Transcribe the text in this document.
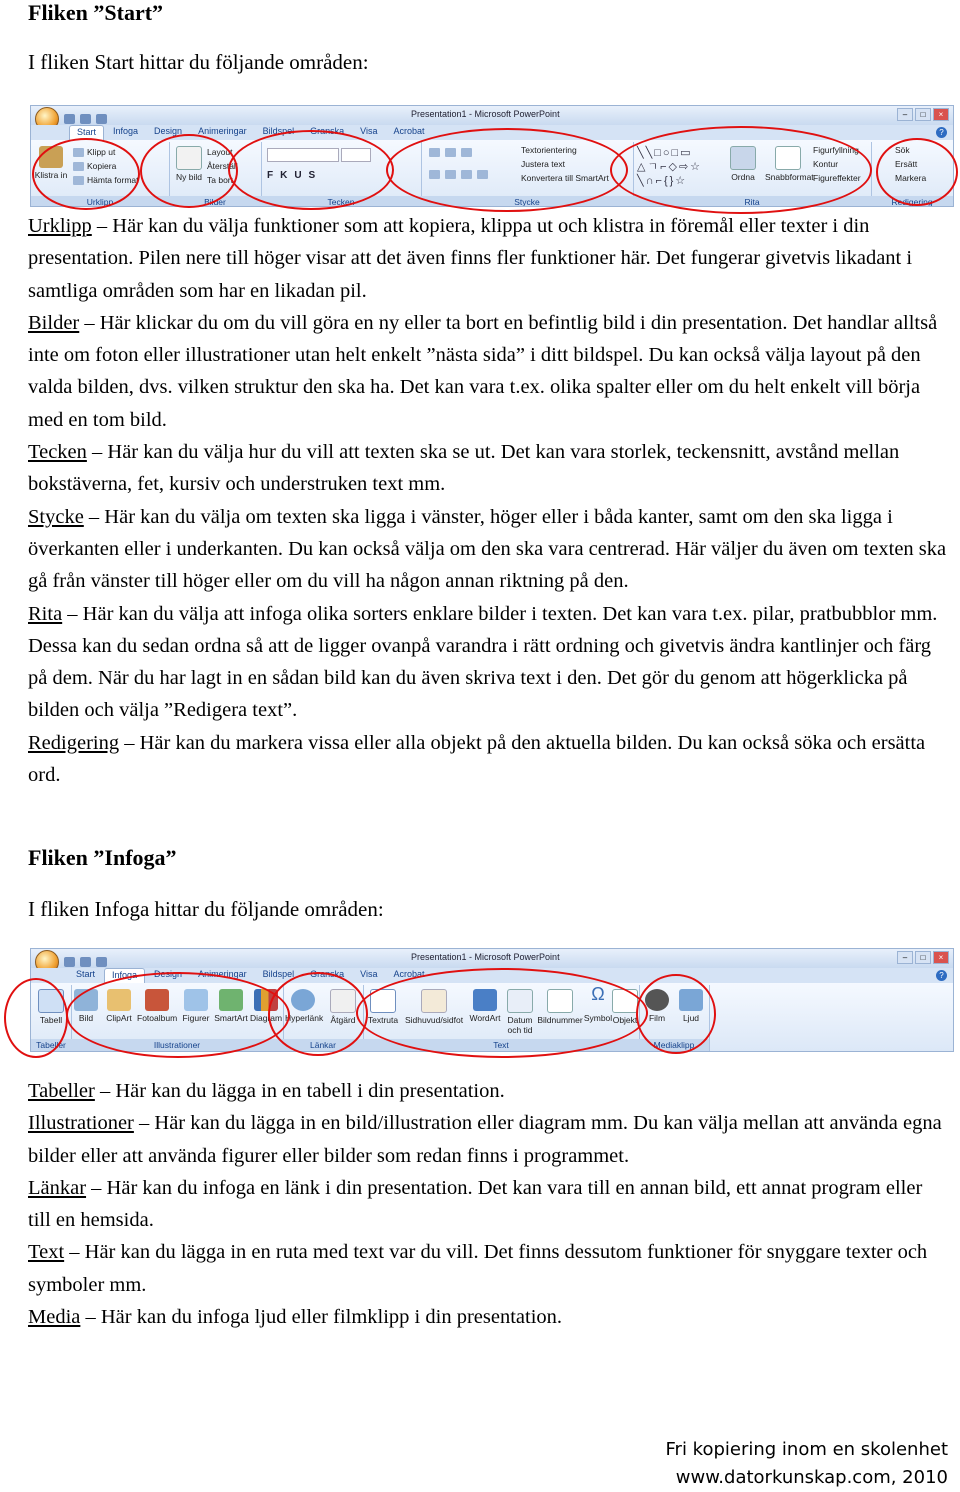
Fliken ”Start”

I fliken Start hittar du följande områden:

Presentation1 - Microsoft PowerPoint	–	□	×
Start	Infoga	Design	Animeringar	Bildspel	Granska	Visa	Acrobat	?
Klistra in
Klipp ut
Kopiera
Hämta format
Urklipp
Ny bild
Layout
Återställ
Ta bort
Bilder
FKUS
Tecken
Textorientering
Justera text
Konvertera till SmartArt
Stycke
╲╲□○□▭
△ㄱ⌐◇⇨☆
╲∩⌐{}☆	Ordna	Snabbformat
Figurfyllning
Kontur
Figureffekter
Rita
Sök
Ersätt
Markera
Redigering
Urklipp – Här kan du välja funktioner som att kopiera, klippa ut och klistra in föremål eller texter i din presentation. Pilen nere till höger visar att det även finns fler funktioner här. Det fungerar givetvis likadant i samtliga områden som har en likadan pil.
Bilder – Här klickar du om du vill göra en ny eller ta bort en befintlig bild i din presentation. Det handlar alltså inte om foton eller illustrationer utan helt enkelt ”nästa sida” i ditt bildspel. Du kan också välja layout på den valda bilden, dvs. vilken struktur den ska ha. Det kan vara t.ex. olika spalter eller om du helt enkelt vill börja med en tom bild.
Tecken – Här kan du välja hur du vill att texten ska se ut. Det kan vara storlek, teckensnitt, avstånd mellan bokstäverna, fet, kursiv och understruken text mm.
Stycke – Här kan du välja om texten ska ligga i vänster, höger eller i båda kanter, samt om den ska ligga i överkanten eller i underkanten. Du kan också välja om den ska vara centrerad. Här väljer du även om texten ska gå från vänster till höger eller om du vill ha någon annan riktning på den.
Rita – Här kan du välja att infoga olika sorters enklare bilder i texten. Det kan vara t.ex. pilar, pratbubblor mm. Dessa kan du sedan ordna så att de ligger ovanpå varandra i rätt ordning och givetvis ändra kantlinjer och färg på dem. När du har lagt in en sådan bild kan du även skriva text i den. Det gör du genom att högerklicka på bilden och välja ”Redigera text”.
Redigering – Här kan du markera vissa eller alla objekt på den aktuella bilden. Du kan också söka och ersätta ord.
Fliken ”Infoga”

I fliken Infoga hittar du följande områden:

Presentation1 - Microsoft PowerPoint	–	□	×
Start	Infoga	Design	Animeringar	Bildspel	Granska	Visa	Acrobat	?
Tabell
Tabeller
Bild	ClipArt Fotoalbum Figurer SmartArt Diagram
Illustrationer
Hyperlänk Åtgärd
Länkar
Textruta Sidhuvud/sidfot WordArt Datum och tid
Bildnummer
Ω
Symbol Objekt
Text
Film	Ljud
Mediaklipp
Tabeller – Här kan du lägga in en tabell i din presentation.
Illustrationer – Här kan du lägga in en bild/illustration eller diagram mm. Du kan välja mellan att använda egna bilder eller att använda figurer eller bilder som redan finns i programmet.
Länkar – Här kan du infoga en länk i din presentation. Det kan vara till en annan bild, ett annat program eller till en hemsida.
Text – Här kan du lägga in en ruta med text var du vill. Det finns dessutom funktioner för snyggare texter och symboler mm.
Media – Här kan du infoga ljud eller filmklipp i din presentation.
Fri kopiering inom en skolenhet
www.datorkunskap.com, 2010
